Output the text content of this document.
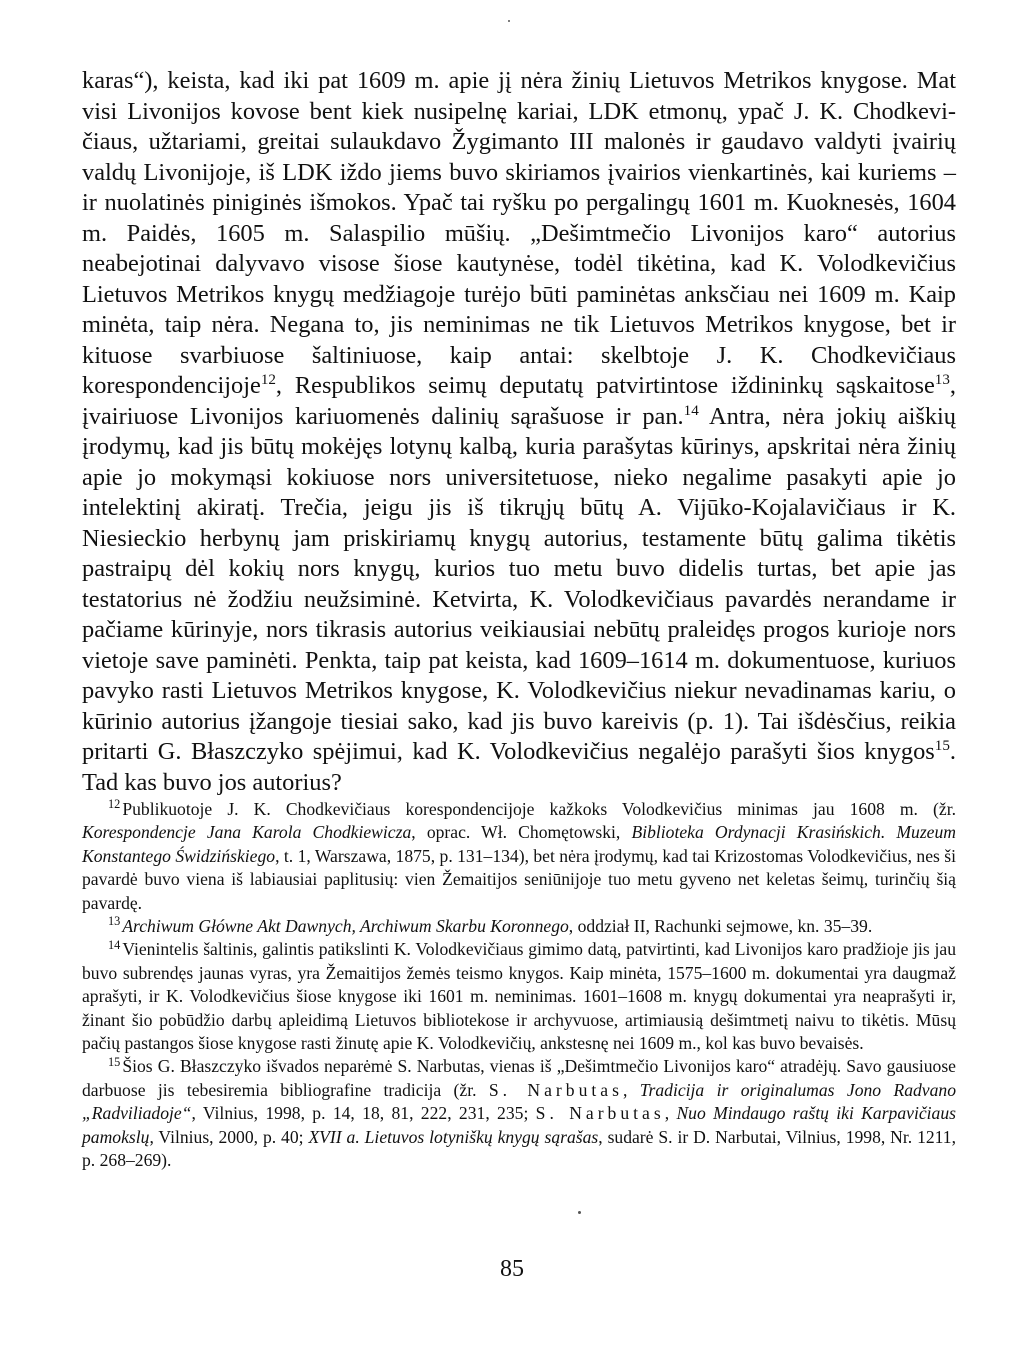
karas“), keista, kad iki pat 1609 m. apie jį nėra žinių Lietuvos Metrikos knygose. Mat visi Livonijos kovose bent kiek nusipelnę kariai, LDK etmonų, ypač J. K. Chodkevičiaus, užtariami, greitai sulaukdavo Žygimanto III malonės ir gaudavo valdyti įvairių valdų Livonijoje, iš LDK iždo jiems buvo skiriamos įvairios vienkartinės, kai kuriems – ir nuolatinės piniginės išmokos. Ypač tai ryšku po pergalingų 1601 m. Kuoknesės, 1604 m. Paidės, 1605 m. Salaspilio mūšių. „Dešimtmečio Livonijos karo“ autorius neabejotinai dalyvavo visose šiose kautynėse, todėl tikėtina, kad K. Volodkevičius Lietuvos Metrikos knygų medžiagoje turėjo būti paminėtas anksčiau nei 1609 m. Kaip minėta, taip nėra. Negana to, jis neminimas ne tik Lietuvos Metrikos knygose, bet ir kituose svarbiuose šaltiniuose, kaip antai: skelbtoje J. K. Chodkevičiaus korespondencijoje$^{12}$, Respublikos seimų deputatų patvirtintose iždininkų sąskaitose$^{13}$, įvairiuose Livonijos kariuomenės dalinių sąrašuose ir pan.$^{14}$ Antra, nėra jokių aiškių įrodymų, kad jis būtų mokėjęs lotynų kalbą, kuria parašytas kūrinys, apskritai nėra žinių apie jo mokymąsi kokiuose nors universitetuose, nieko negalime pasakyti apie jo intelektinį akiratį. Trečia, jeigu jis iš tikrųjų būtų A. Vijūko-Kojalavičiaus ir K. Niesieckio herbynų jam priskiriamų knygų autorius, testamente būtų galima tikėtis pastraipų dėl kokių nors knygų, kurios tuo metu buvo didelis turtas, bet apie jas testatorius nė žodžiu neužsiminė. Ketvirta, K. Volodkevičiaus pavardės nerandame ir pačiame kūrinyje, nors tikrasis autorius veikiausiai nebūtų praleidęs progos kurioje nors vietoje save paminėti. Penkta, taip pat keista, kad 1609–1614 m. dokumentuose, kuriuos pavyko rasti Lietuvos Metrikos knygose, K. Volodkevičius niekur nevadinamas kariu, o kūrinio autorius įžangoje tiesiai sako, kad jis buvo kareivis (p. 1). Tai išdėsčius, reikia pritarti G. Błaszczyko spėjimui, kad K. Volodkevičius negalėjo parašyti šios knygos$^{15}$. Tad kas buvo jos autorius?

$^{12}$ Publikuotoje J. K. Chodkevičiaus korespondencijoje kažkoks Volodkevičius minimas jau 1608 m. (žr. Korespondencje Jana Karola Chodkiewicza, oprac. Wł. Chomętowski, Biblioteka Ordynacji Krasińskich. Muzeum Konstantego Świdzińskiego, t. 1, Warszawa, 1875, p. 131–134), bet nėra įrodymų, kad tai Krizostomas Volodkevičius, nes ši pavardė buvo viena iš labiausiai paplitusių: vien Žemaitijos seniūnijoje tuo metu gyveno net keletas šeimų, turinčių šią pavardę.

$^{13}$ Archiwum Główne Akt Dawnych, Archiwum Skarbu Koronnego, oddział II, Rachunki sejmowe, kn. 35–39.

$^{14}$ Vienintelis šaltinis, galintis patikslinti K. Volodkevičiaus gimimo datą, patvirtinti, kad Livonijos karo pradžioje jis jau buvo subrendęs jaunas vyras, yra Žemaitijos žemės teismo knygos. Kaip minėta, 1575–1600 m. dokumentai yra daugmaž aprašyti, ir K. Volodkevičius šiose knygose iki 1601 m. neminimas. 1601–1608 m. knygų dokumentai yra neaprašyti ir, žinant šio pobūdžio darbų apleidimą Lietuvos bibliotekose ir archyvuose, artimiausią dešimtmetį naivu to tikėtis. Mūsų pačių pastangos šiose knygose rasti žinutę apie K. Volodkevičių, ankstesnę nei 1609 m., kol kas buvo bevaisės.

$^{15}$ Šios G. Błaszczyko išvados neparėmė S. Narbutas, vienas iš „Dešimtmečio Livonijos karo“ atradėjų. Savo gausiuose darbuose jis tebesiremia bibliografine tradicija (žr. S. Narbutas, Tradicija ir originalumas Jono Radvano „Radviliadoje“, Vilnius, 1998, p. 14, 18, 81, 222, 231, 235; S. Narbutas, Nuo Mindaugo raštų iki Karpavičiaus pamokslų, Vilnius, 2000, p. 40; XVII a. Lietuvos lotyniškų knygų sąrašas, sudarė S. ir D. Narbutai, Vilnius, 1998, Nr. 1211, p. 268–269).

85
